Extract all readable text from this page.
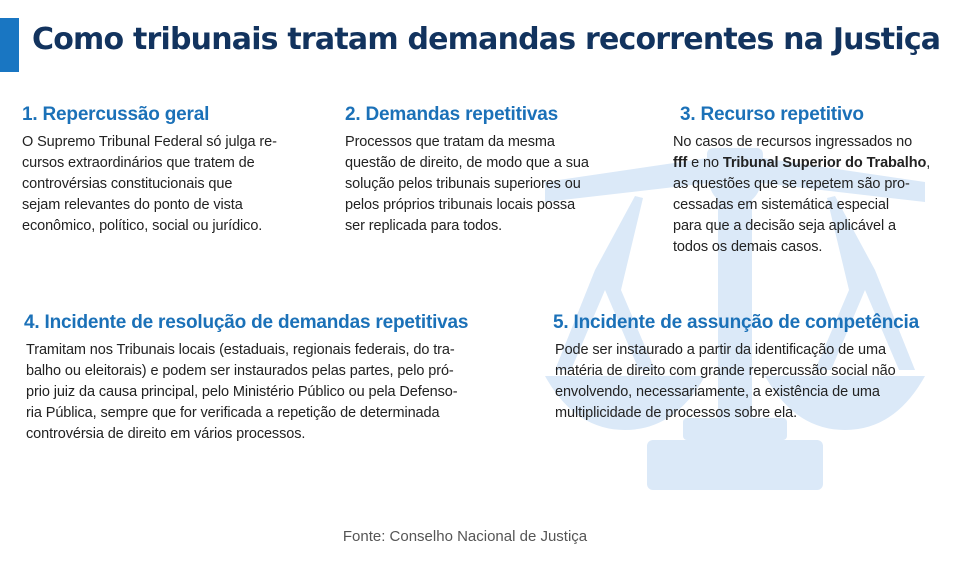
Como tribunais tratam demandas recorrentes na Justiça
1. Repercussão geral

O Supremo Tribunal Federal só julga re-
cursos extraordinários que tratem de
controvérsias constitucionais que
sejam relevantes do ponto de vista
econômico, político, social ou jurídico.

2. Demandas repetitivas

Processos que tratam da mesma
questão de direito, de modo que a sua
solução pelos tribunais superiores ou
pelos próprios tribunais locais possa
ser replicada para todos.

3. Recurso repetitivo

No casos de recursos ingressados no
fff e no Tribunal Superior do Trabalho,
as questões que se repetem são pro-
cessadas em sistemática especial
para que a decisão seja aplicável a
todos os demais casos.

4. Incidente de resolução de demandas repetitivas

Tramitam nos Tribunais locais (estaduais, regionais federais, do tra-
balho ou eleitorais) e podem ser instaurados pelas partes, pelo pró-
prio juiz da causa principal, pelo Ministério Público ou pela Defenso-
ria Pública, sempre que for verificada a repetição de determinada
controvérsia de direito em vários processos.

5. Incidente de assunção de competência

Pode ser instaurado a partir da identificação de uma
matéria de direito com grande repercussão social não
envolvendo, necessariamente, a existência de uma
multiplicidade de processos sobre ela.

Fonte: Conselho Nacional de Justiça
